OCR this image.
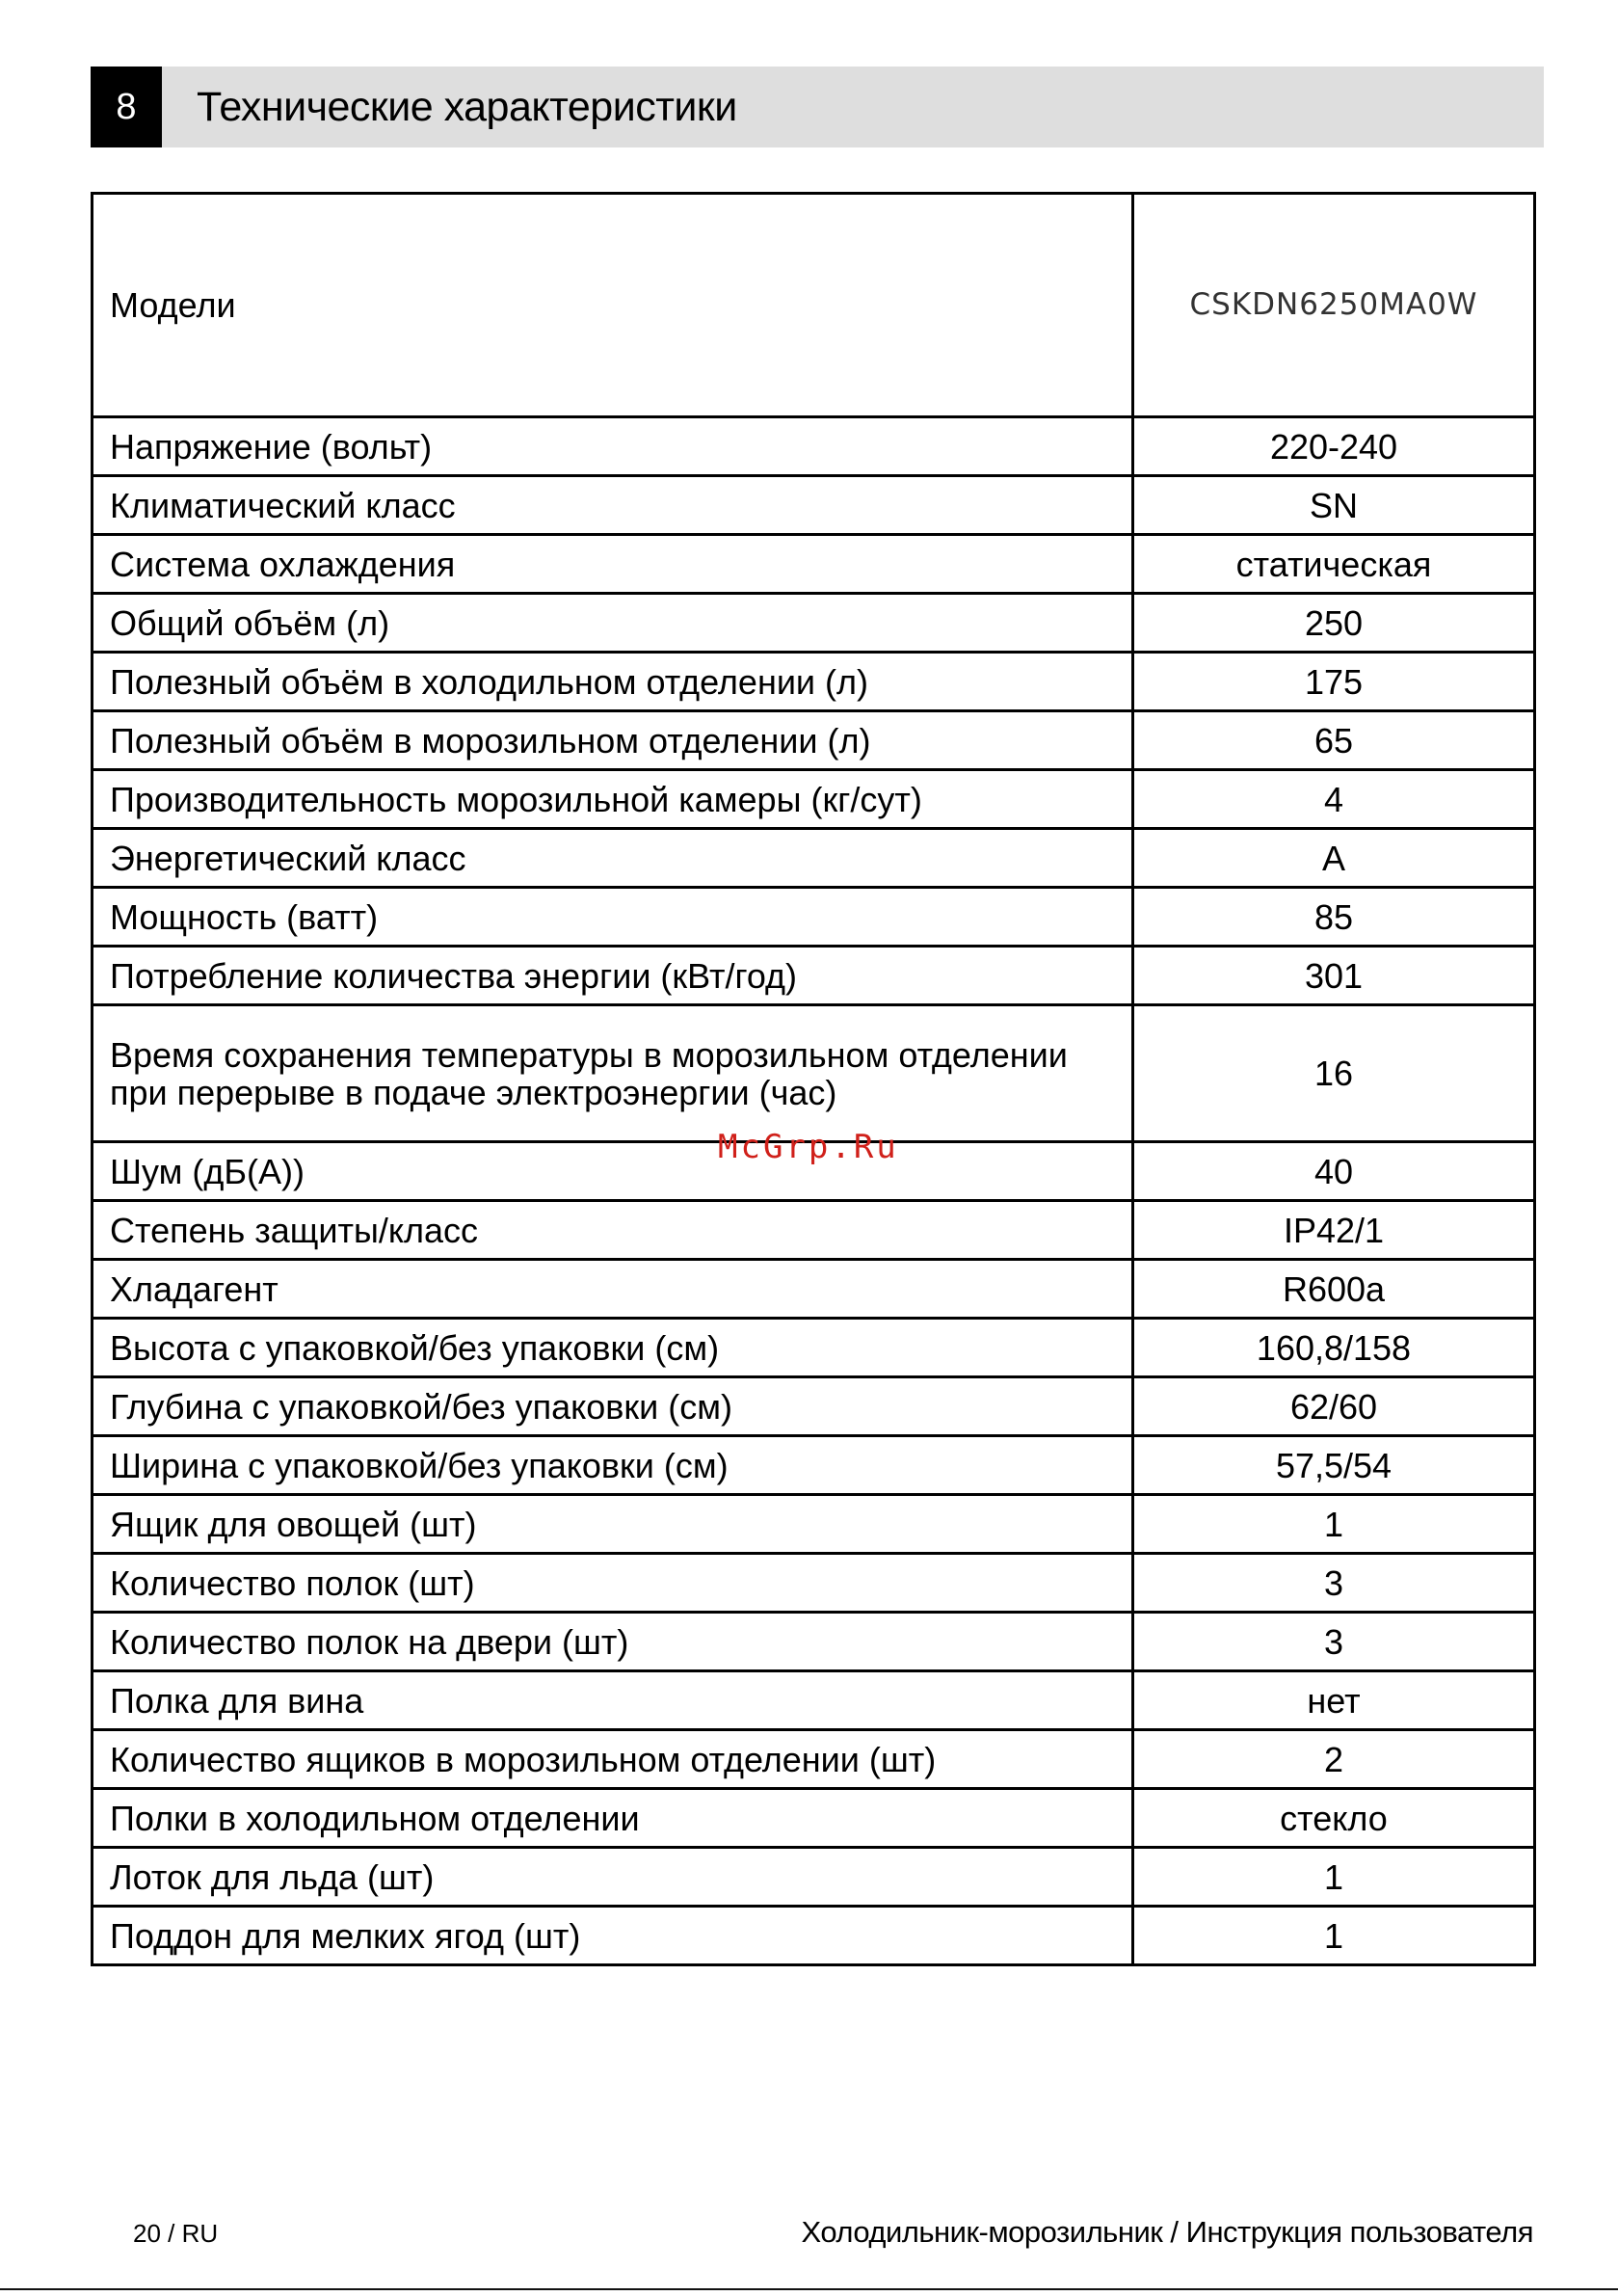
8	Технические характеристики
Модели	CSKDN6250MA0W
Напряжение (вольт)	220-240
Климатический класс	SN
Система охлаждения	статическая
Общий объём (л)	250
Полезный объём в холодильном отделении (л)	175
Полезный объём в морозильном отделении (л)	65
Производительность морозильной камеры (кг/сут)	4
Энергетический класс	A
Мощность (ватт)	85
Потребление количества энергии (кВт/год)	301
Время сохранения температуры в морозильном отделении при перерыве в подаче электроэнергии (час)	16
Шум (дБ(А))	40
Степень защиты/класс	IP42/1
Хладагент	R600a
Высота с упаковкой/без упаковки (см)	160,8/158
Глубина с упаковкой/без упаковки (см)	62/60
Ширина с упаковкой/без упаковки (см)	57,5/54
Ящик для овощей (шт)	1
Количество полок (шт)	3
Количество полок на двери (шт)	3
Полка для вина	нет
Количество ящиков в морозильном отделении (шт)	2
Полки в холодильном отделении	стекло
Лоток для льда (шт)	1
Поддон для мелких ягод (шт)	1
McGrp.Ru
20 / RU	Холодильник-морозильник / Инструкция пользователя
